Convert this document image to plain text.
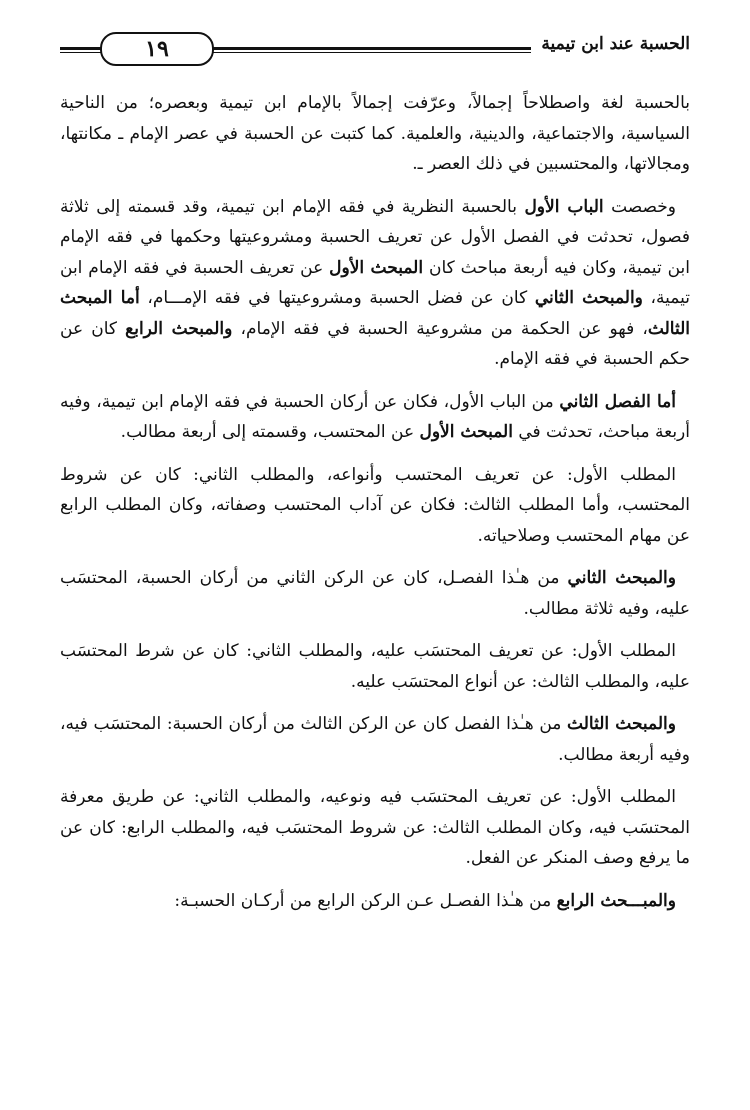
الحسبة عند ابن تيمية
١٩

بالحسبة لغة واصطلاحاً إجمالاً، وعرّفت إجمالاً بالإمام ابن تيمية وبعصره؛ من الناحية السياسية، والاجتماعية، والدينية، والعلمية. كما كتبت عن الحسبة في عصر الإمام ـ مكانتها، ومجالاتها، والمحتسبين في ذلك العصر ـ.

وخصصت الباب الأول بالحسبة النظرية في فقه الإمام ابن تيمية، وقد قسمته إلى ثلاثة فصول، تحدثت في الفصل الأول عن تعريف الحسبة ومشروعيتها وحكمها في فقه الإمام ابن تيمية، وكان فيه أربعة مباحث كان المبحث الأول عن تعريف الحسبة في فقه الإمام ابن تيمية، والمبحث الثاني كان عن فضل الحسبة ومشروعيتها في فقه الإمـــام، أما المبحث الثالث، فهو عن الحكمة من مشروعية الحسبة في فقه الإمام، والمبحث الرابع كان عن حكم الحسبة في فقه الإمام.

أما الفصل الثاني من الباب الأول، فكان عن أركان الحسبة في فقه الإمام ابن تيمية، وفيه أربعة مباحث، تحدثت في المبحث الأول عن المحتسب، وقسمته إلى أربعة مطالب.

المطلب الأول: عن تعريف المحتسب وأنواعه، والمطلب الثاني: كان عن شروط المحتسب، وأما المطلب الثالث: فكان عن آداب المحتسب وصفاته، وكان المطلب الرابع عن مهام المحتسب وصلاحياته.

والمبحث الثاني من هـٰذا الفصـل، كان عن الركن الثاني من أركان الحسبة، المحتسَب عليه، وفيه ثلاثة مطالب.

المطلب الأول: عن تعريف المحتسَب عليه، والمطلب الثاني: كان عن شرط المحتسَب عليه، والمطلب الثالث: عن أنواع المحتسَب عليه.

والمبحث الثالث من هـٰذا الفصل كان عن الركن الثالث من أركان الحسبة: المحتسَب فيه، وفيه أربعة مطالب.

المطلب الأول: عن تعريف المحتسَب فيه ونوعيه، والمطلب الثاني: عن طريق معرفة المحتسَب فيه، وكان المطلب الثالث: عن شروط المحتسَب فيه، والمطلب الرابع: كان عن ما يرفع وصف المنكر عن الفعل.

والمبـــحث الرابع من هـٰذا الفصـل عـن الركن الرابع من أركـان الحسبـة:
